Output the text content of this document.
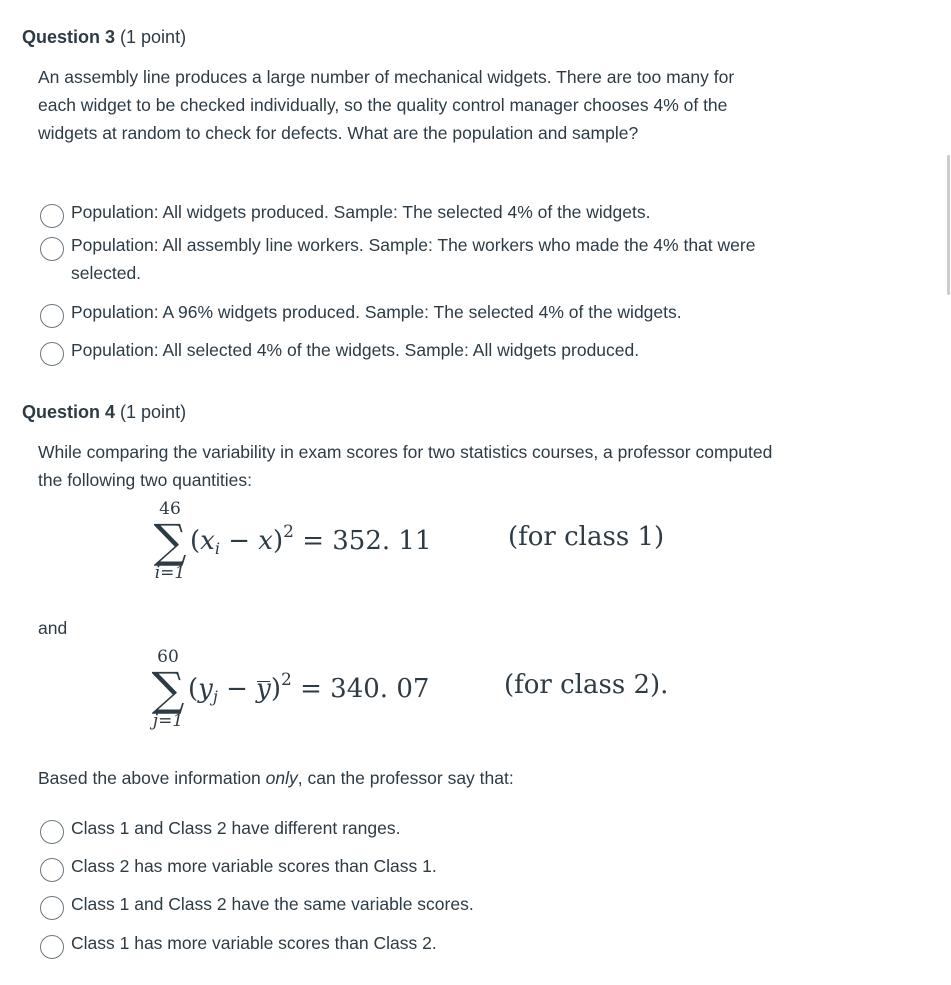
Question 3 (1 point)
An assembly line produces a large number of mechanical widgets. There are too many for each widget to be checked individually, so the quality control manager chooses 4% of the widgets at random to check for defects. What are the population and sample?
Population: All widgets produced. Sample: The selected 4% of the widgets.
Population: All assembly line workers. Sample: The workers who made the 4% that were selected.
Population: A 96% widgets produced. Sample: The selected 4% of the widgets.
Population: All selected 4% of the widgets. Sample: All widgets produced.
Question 4 (1 point)
While comparing the variability in exam scores for two statistics courses, a professor computed the following two quantities:
46
∑
i=1
$(x_i - x)^2 = 352$. 11	(for class 1)
and
60
∑
j=1
$(y_j - y)^2 = 340$. 07	(for class 2).
Based the above information only, can the professor say that:
Class 1 and Class 2 have different ranges.
Class 2 has more variable scores than Class 1.
Class 1 and Class 2 have the same variable scores.
Class 1 has more variable scores than Class 2.
